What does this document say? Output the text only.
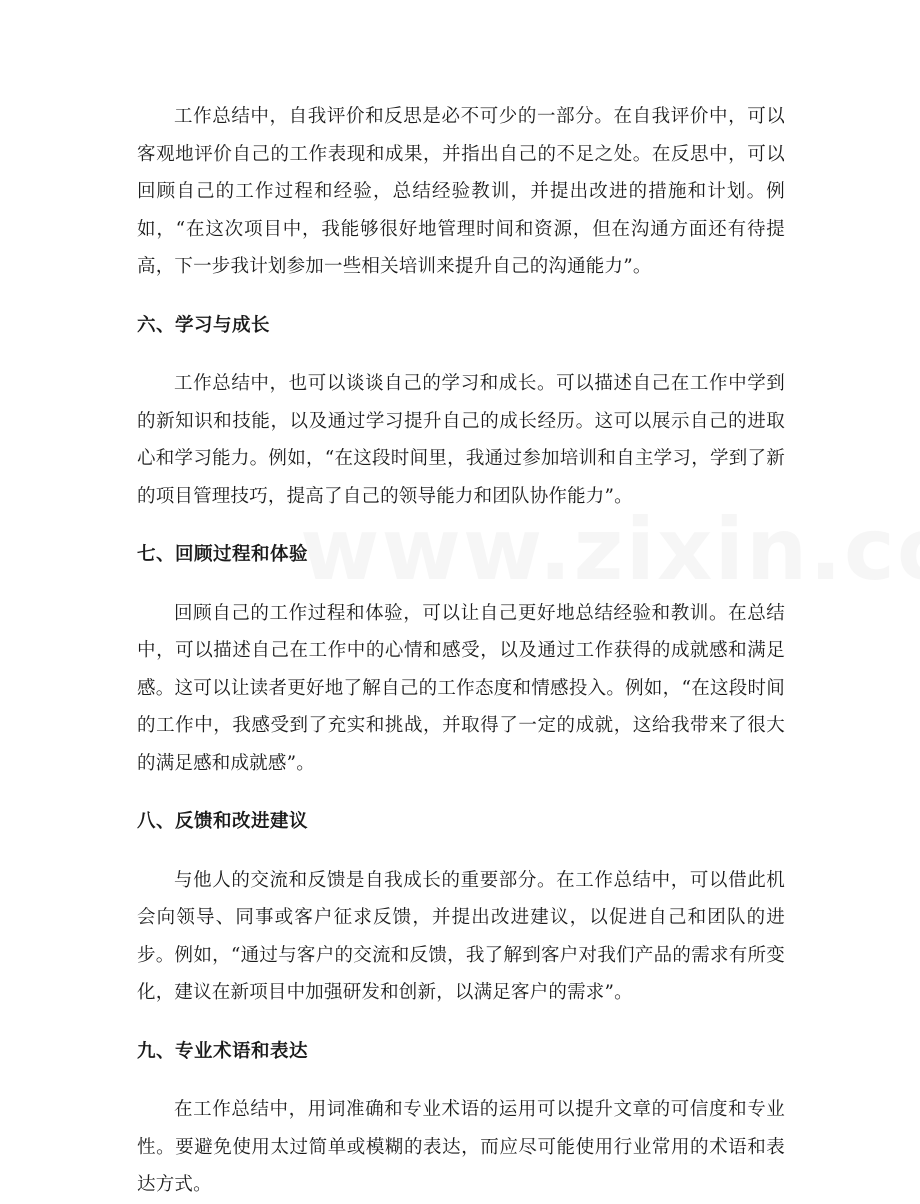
工作总结中，自我评价和反思是必不可少的一部分。在自我评价中，可以客观地评价自己的工作表现和成果，并指出自己的不足之处。在反思中，可以回顾自己的工作过程和经验，总结经验教训，并提出改进的措施和计划。例如，“在这次项目中，我能够很好地管理时间和资源，但在沟通方面还有待提高，下一步我计划参加一些相关培训来提升自己的沟通能力”。

六、学习与成长

工作总结中，也可以谈谈自己的学习和成长。可以描述自己在工作中学到的新知识和技能，以及通过学习提升自己的成长经历。这可以展示自己的进取心和学习能力。例如，“在这段时间里，我通过参加培训和自主学习，学到了新的项目管理技巧，提高了自己的领导能力和团队协作能力”。

七、回顾过程和体验

回顾自己的工作过程和体验，可以让自己更好地总结经验和教训。在总结中，可以描述自己在工作中的心情和感受，以及通过工作获得的成就感和满足感。这可以让读者更好地了解自己的工作态度和情感投入。例如，“在这段时间的工作中，我感受到了充实和挑战，并取得了一定的成就，这给我带来了很大的满足感和成就感”。

八、反馈和改进建议

与他人的交流和反馈是自我成长的重要部分。在工作总结中，可以借此机会向领导、同事或客户征求反馈，并提出改进建议，以促进自己和团队的进步。例如，“通过与客户的交流和反馈，我了解到客户对我们产品的需求有所变化，建议在新项目中加强研发和创新，以满足客户的需求”。

九、专业术语和表达

在工作总结中，用词准确和专业术语的运用可以提升文章的可信度和专业性。要避免使用太过简单或模糊的表达，而应尽可能使用行业常用的术语和表达方式。
